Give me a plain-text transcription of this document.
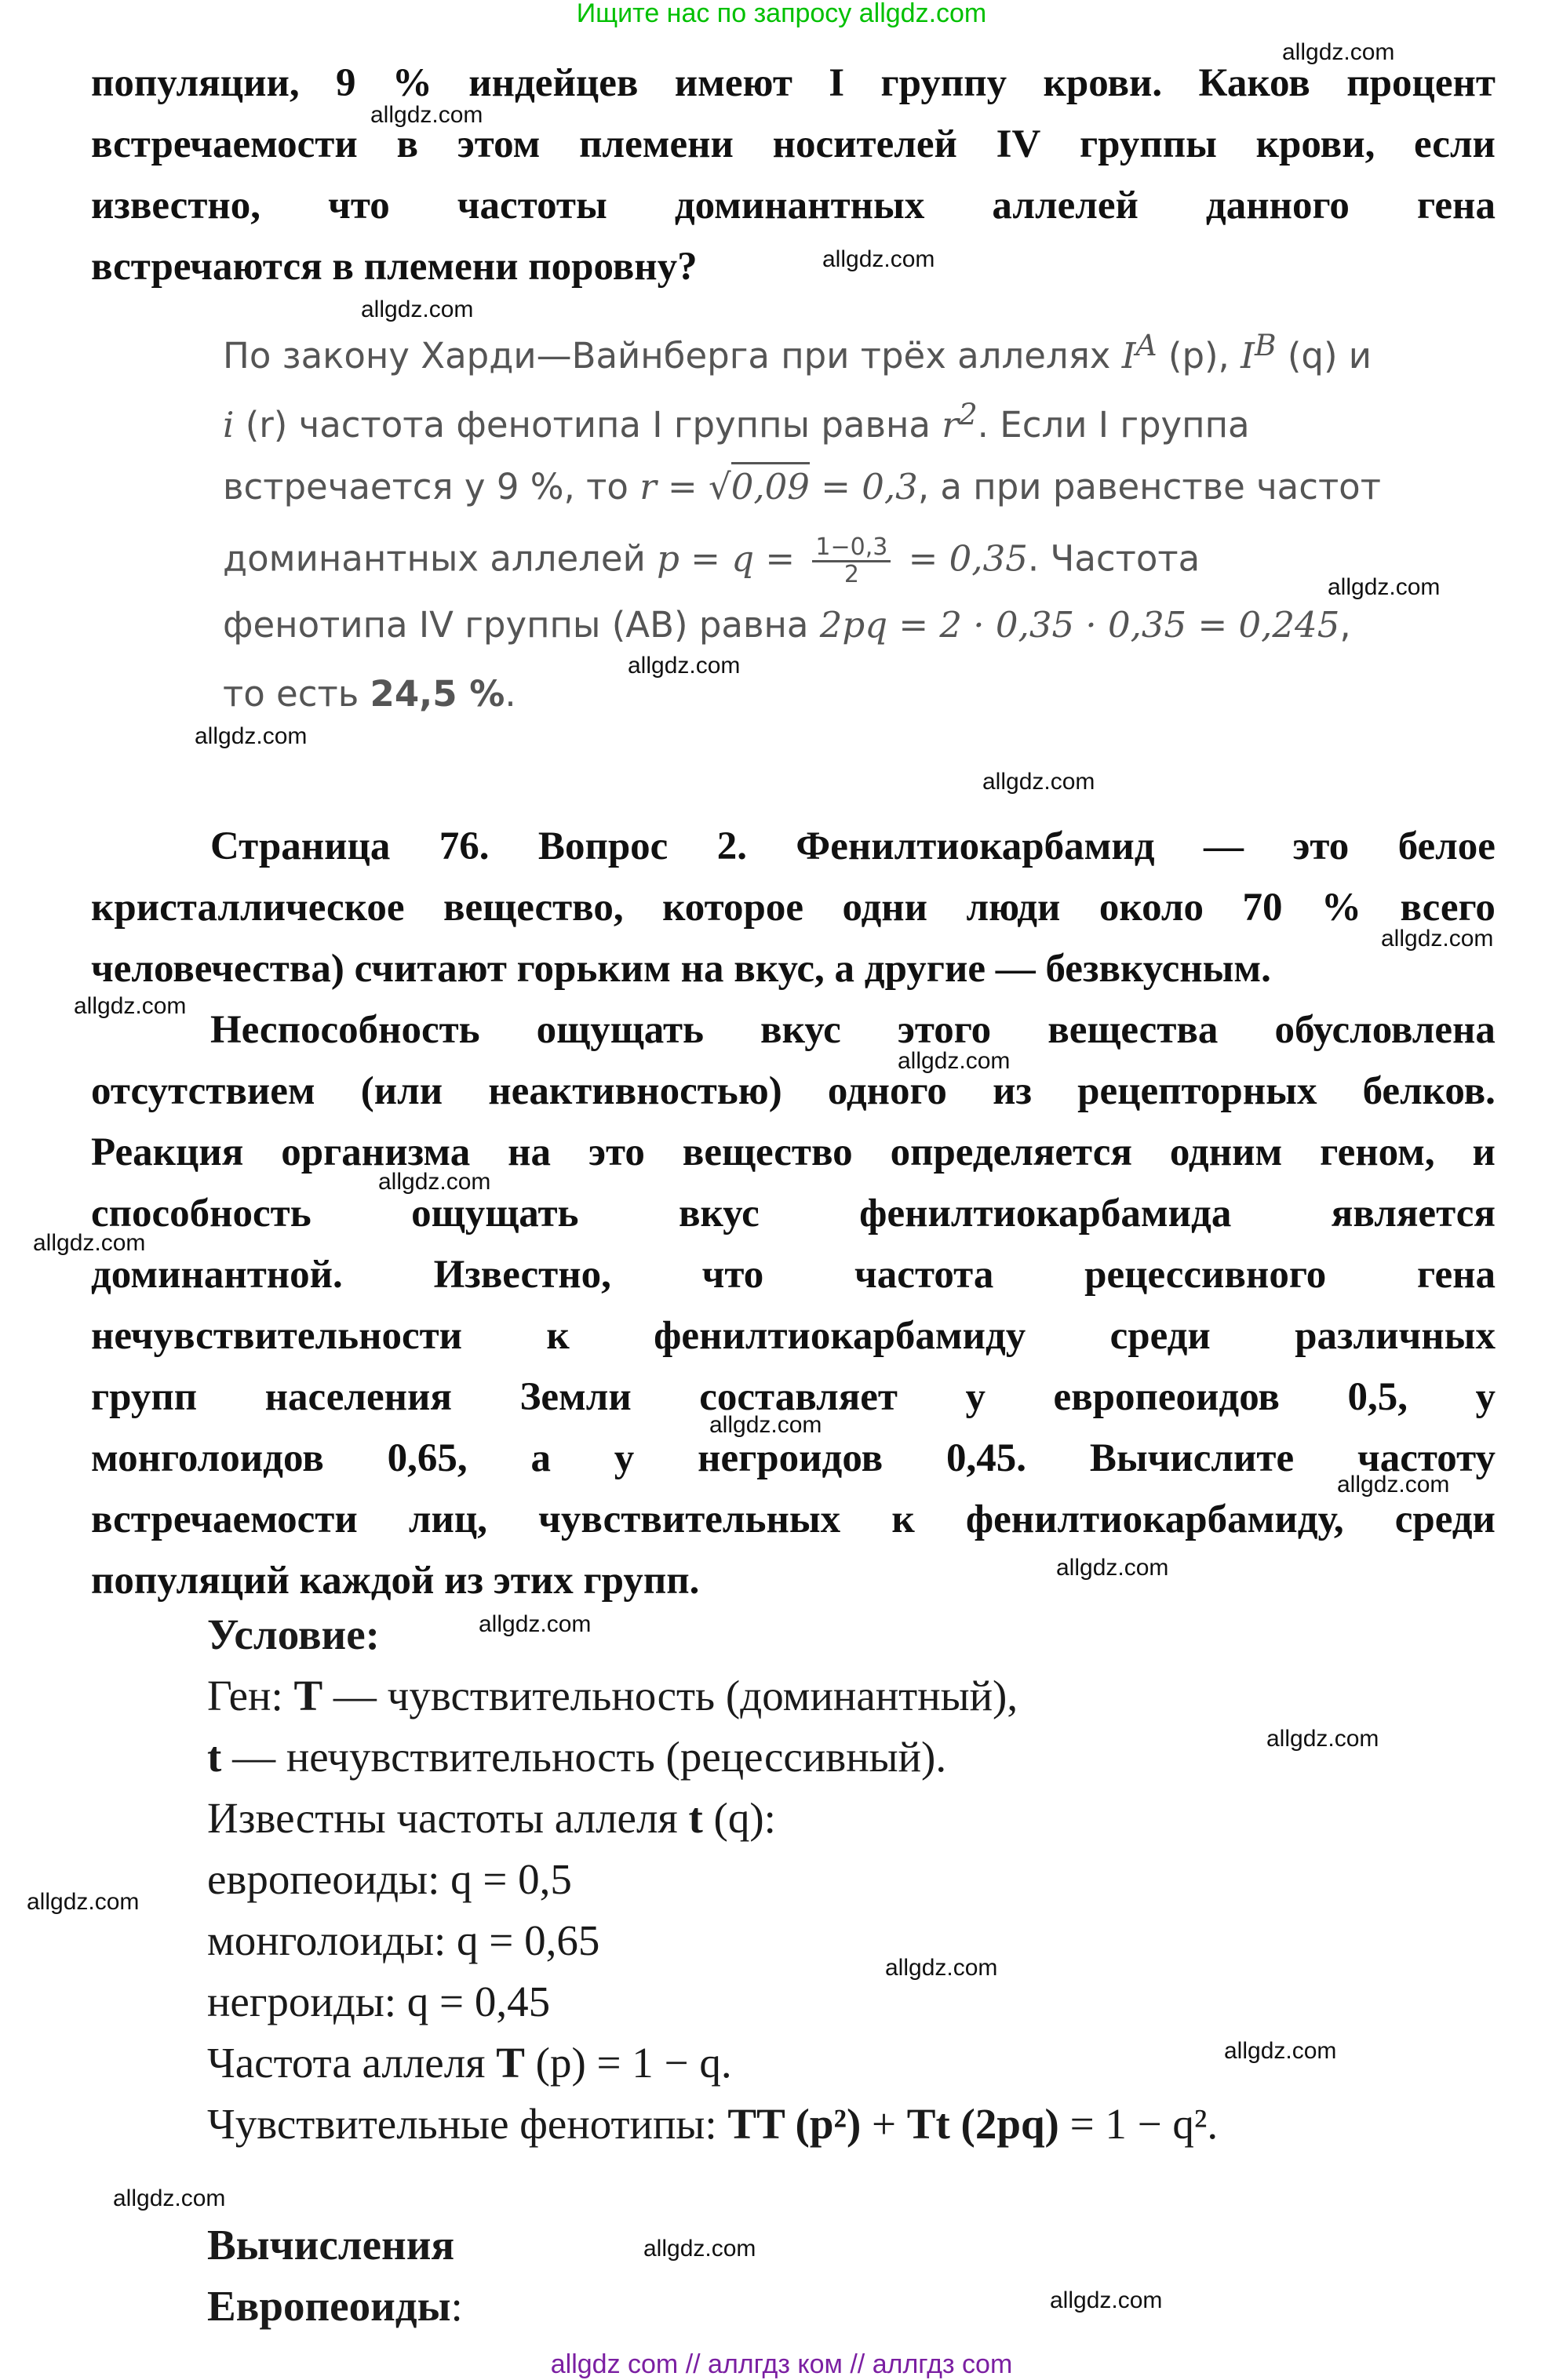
Ищите нас по запросу allgdz.com
популяции, 9 % индейцев имеют I группу крови. Каков процент
встречаемости в этом племени носителей IV группы крови, если
известно, что частоты доминантных аллелей данного гена
встречаются в племени поровну?
По закону Харди—Вайнберга при трёх аллелях $I^A$ (p), $I^B$ (q) и
i (r) частота фенотипа I группы равна $r^2$. Если I группа
встречается у 9 %, то r = √0,09 = 0,3, а при равенстве частот
доминантных аллелей $p = q = \frac{1-0,3}{2} = 0,35$. Частота
фенотипа IV группы (AB) равна 2pq = 2 · 0,35 · 0,35 = 0,245,
то есть 24,5 %.
Страница 76. Вопрос 2. Фенилтиокарбамид — это белое
кристаллическое вещество, которое одни люди около 70 % всего
человечества) считают горьким на вкус, а другие — безвкусным.
Неспособность ощущать вкус этого вещества обусловлена
отсутствием (или неактивностью) одного из рецепторных белков.
Реакция организма на это вещество определяется одним геном, и
способность ощущать вкус фенилтиокарбамида является
доминантной. Известно, что частота рецессивного гена
нечувствительности к фенилтиокарбамиду среди различных
групп населения Земли составляет у европеоидов 0,5, у
монголоидов 0,65, а у негроидов 0,45. Вычислите частоту
встречаемости лиц, чувствительных к фенилтиокарбамиду, среди
популяций каждой из этих групп.
Условие:
Ген: T — чувствительность (доминантный),
t — нечувствительность (рецессивный).
Известны частоты аллеля t (q):
европеоиды: q = 0,5
монголоиды: q = 0,65
негроиды: q = 0,45
Частота аллеля T (p) = 1 − q.
Чувствительные фенотипы: TT (p²) + Tt (2pq) = 1 − q².
Вычисления
Европеоиды:
allgdz.com
allgdz.com
allgdz.com
allgdz.com
allgdz.com
allgdz.com
allgdz.com
allgdz.com
allgdz.com
allgdz.com
allgdz.com
allgdz.com
allgdz.com
allgdz.com
allgdz.com
allgdz.com
allgdz.com
allgdz.com
allgdz.com
allgdz.com
allgdz.com
allgdz.com
allgdz.com
allgdz.com
allgdz com // аллгдз ком // аллгдз com
